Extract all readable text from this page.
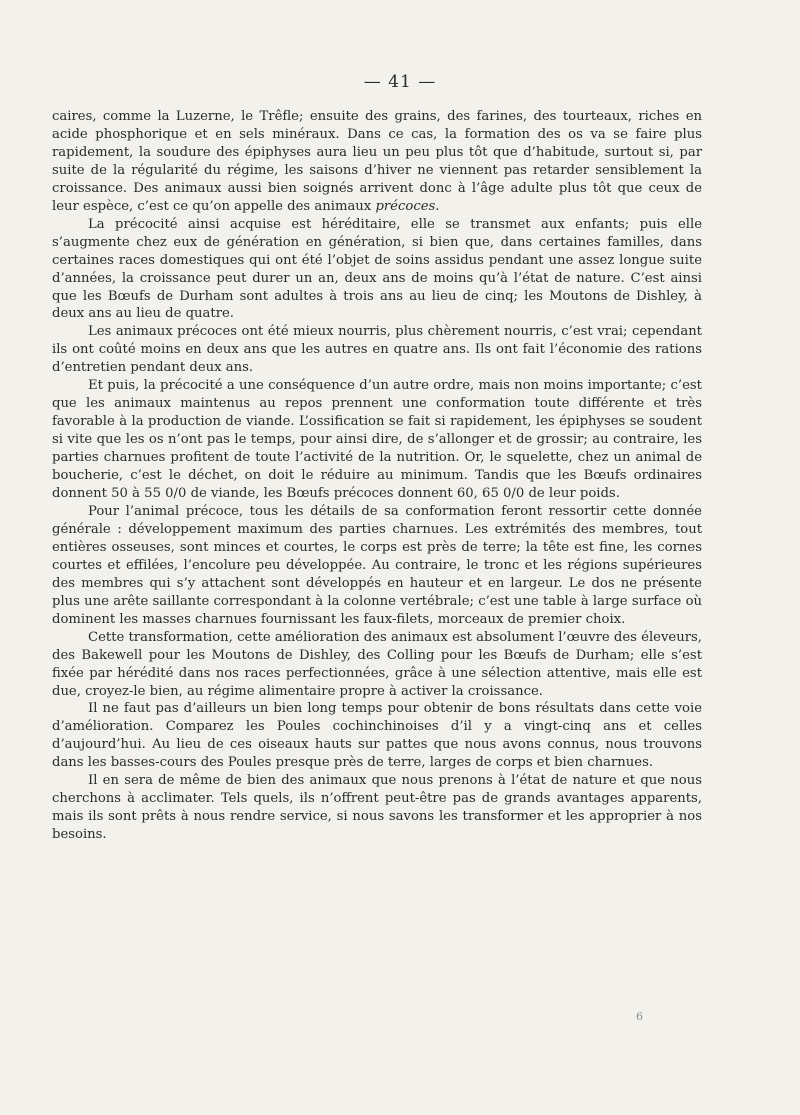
— 41 —

caires, comme la Luzerne, le Trêfle; ensuite des grains, des farines, des tourteaux, riches en acide phosphorique et en sels minéraux. Dans ce cas, la formation des os va se faire plus rapidement, la soudure des épiphyses aura lieu un peu plus tôt que d’habitude, surtout si, par suite de la régularité du régime, les saisons d’hiver ne viennent pas retarder sensiblement la croissance. Des animaux aussi bien soignés arrivent donc à l’âge adulte plus tôt que ceux de leur espèce, c’est ce qu’on appelle des animaux précoces.

La précocité ainsi acquise est héréditaire, elle se transmet aux enfants; puis elle s’augmente chez eux de génération en génération, si bien que, dans certaines familles, dans certaines races domestiques qui ont été l’objet de soins assidus pendant une assez longue suite d’années, la croissance peut durer un an, deux ans de moins qu’à l’état de nature. C’est ainsi que les Bœufs de Durham sont adultes à trois ans au lieu de cinq; les Moutons de Dishley, à deux ans au lieu de quatre.

Les animaux précoces ont été mieux nourris, plus chèrement nourris, c’est vrai; cependant ils ont coûté moins en deux ans que les autres en quatre ans. Ils ont fait l’économie des rations d’entretien pendant deux ans.

Et puis, la précocité a une conséquence d’un autre ordre, mais non moins importante; c’est que les animaux maintenus au repos prennent une conformation toute différente et très favorable à la production de viande. L’ossification se fait si rapidement, les épiphyses se soudent si vite que les os n’ont pas le temps, pour ainsi dire, de s’allonger et de grossir; au contraire, les parties charnues profitent de toute l’activité de la nutrition. Or, le squelette, chez un animal de boucherie, c’est le déchet, on doit le réduire au minimum. Tandis que les Bœufs ordinaires donnent 50 à 55 0/0 de viande, les Bœufs précoces donnent 60, 65 0/0 de leur poids.

Pour l’animal précoce, tous les détails de sa conformation feront ressortir cette donnée générale : développement maximum des parties charnues. Les extrémités des membres, tout entières osseuses, sont minces et courtes, le corps est près de terre; la tête est fine, les cornes courtes et effilées, l’encolure peu développée. Au contraire, le tronc et les régions supérieures des membres qui s’y attachent sont développés en hauteur et en largeur. Le dos ne présente plus une arête saillante correspondant à la colonne vertébrale; c’est une table à large surface où dominent les masses charnues fournissant les faux-filets, morceaux de premier choix.

Cette transformation, cette amélioration des animaux est absolument l’œuvre des éleveurs, des Bakewell pour les Moutons de Dishley, des Colling pour les Bœufs de Durham; elle s’est fixée par hérédité dans nos races perfectionnées, grâce à une sélection attentive, mais elle est due, croyez-le bien, au régime alimentaire propre à activer la croissance.

Il ne faut pas d’ailleurs un bien long temps pour obtenir de bons résultats dans cette voie d’amélioration. Comparez les Poules cochinchinoises d’il y a vingt-cinq ans et celles d’aujourd’hui. Au lieu de ces oiseaux hauts sur pattes que nous avons connus, nous trouvons dans les basses-cours des Poules presque près de terre, larges de corps et bien charnues.

Il en sera de même de bien des animaux que nous prenons à l’état de nature et que nous cherchons à acclimater. Tels quels, ils n’offrent peut-être pas de grands avantages apparents, mais ils sont prêts à nous rendre service, si nous savons les transformer et les approprier à nos besoins.

6
